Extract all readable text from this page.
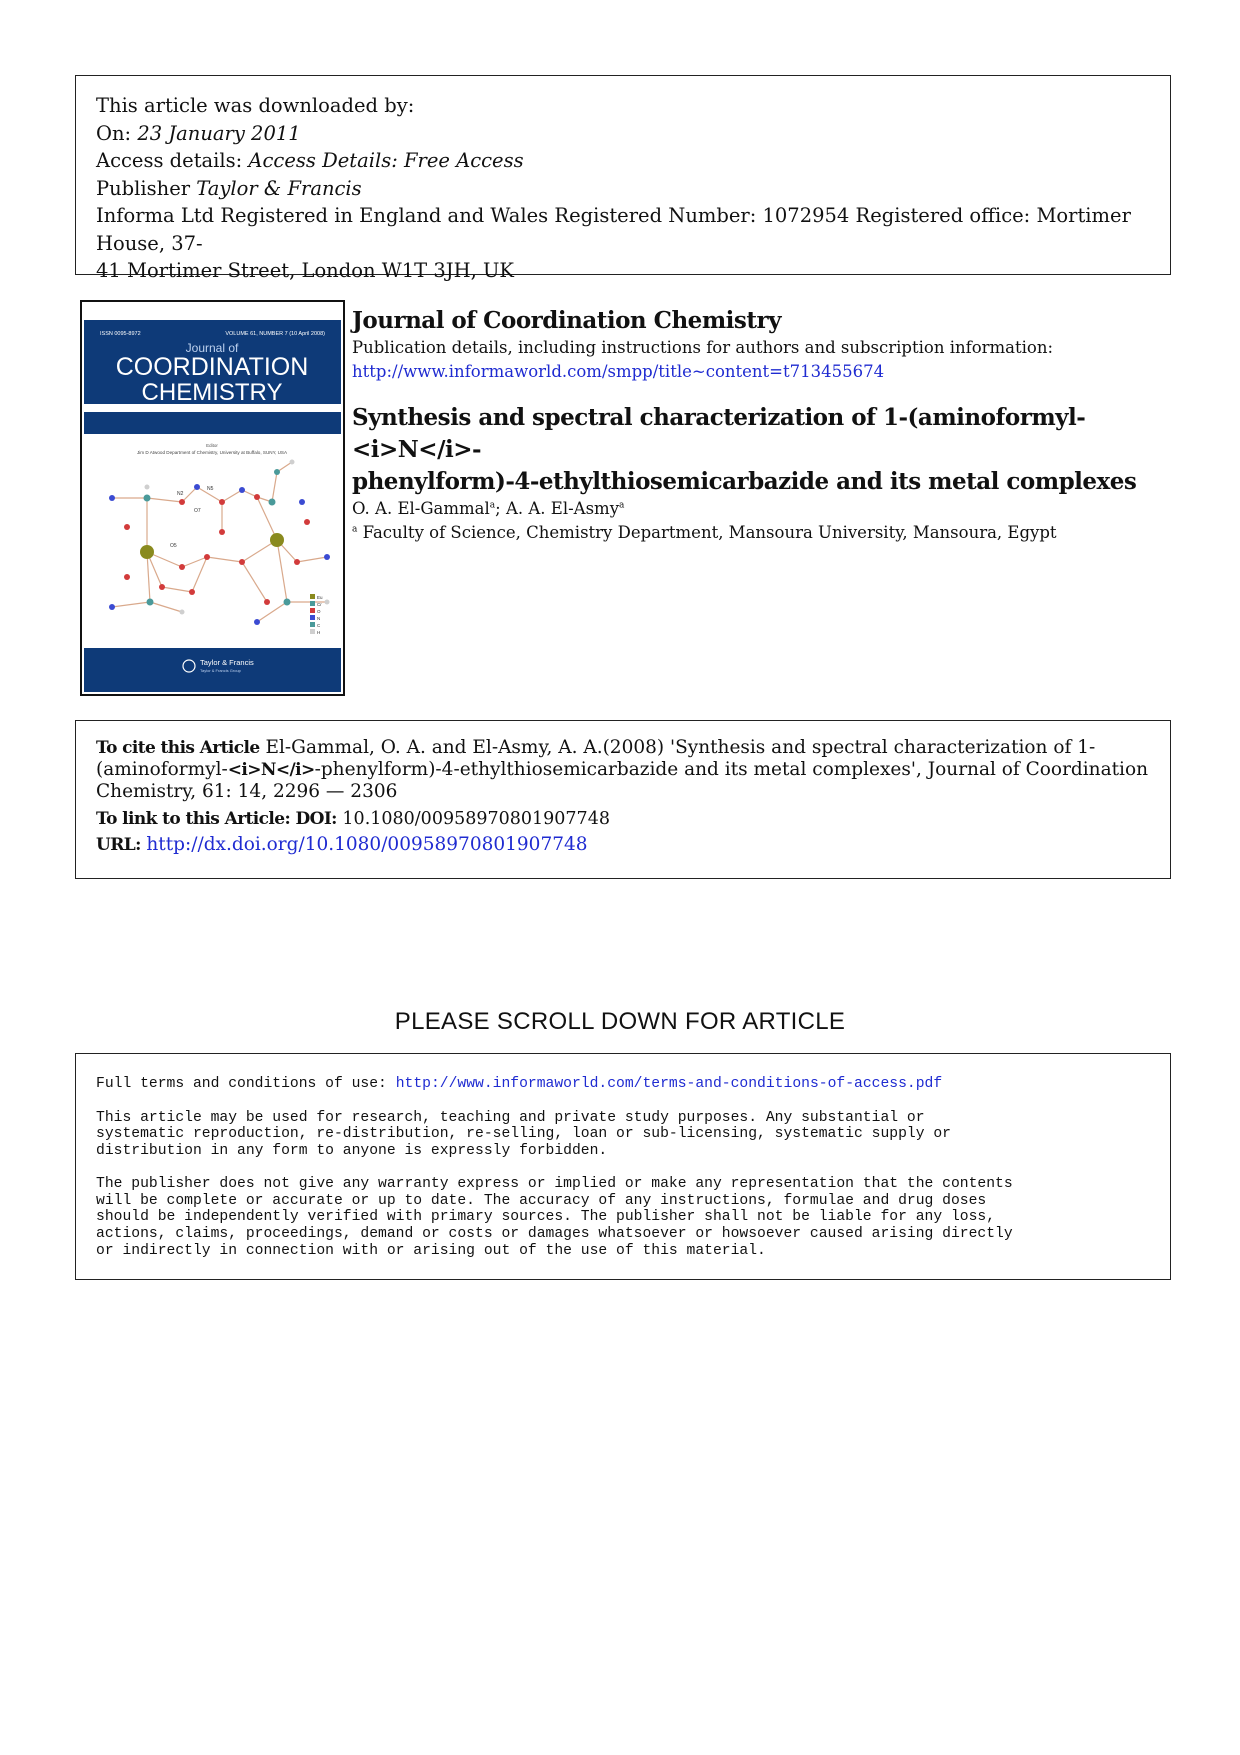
This article was downloaded by:
On: 23 January 2011
Access details: Access Details: Free Access
Publisher Taylor & Francis
Informa Ltd Registered in England and Wales Registered Number: 1072954 Registered office: Mortimer House, 37-
41 Mortimer Street, London W1T 3JH, UK
ISSN 0095-8972	VOLUME 61, NUMBER 7 (10 April 2008)
Journal of
COORDINATION
CHEMISTRY
Editor
Jim D Atwood Department of Chemistry, University at Buffalo, SUNY, USA
N2
N5
O7
O5
Eu
Cr
O
N
C
H
Taylor & Francis
Taylor & Francis Group
Journal of Coordination Chemistry
Publication details, including instructions for authors and subscription information:
http://www.informaworld.com/smpp/title~content=t713455674
Synthesis and spectral characterization of 1-(aminoformyl-<i>N</i>-
phenylform)-4-ethylthiosemicarbazide and its metal complexes
O. A. El-Gammal$^a$; A. A. El-Asmy$^a$
$^a$ Faculty of Science, Chemistry Department, Mansoura University, Mansoura, Egypt
To cite this Article El-Gammal, O. A. and El-Asmy, A. A.(2008) 'Synthesis and spectral characterization of 1-
(aminoformyl-<i>N</i>-phenylform)-4-ethylthiosemicarbazide and its metal complexes', Journal of Coordination
Chemistry, 61: 14, 2296 — 2306
To link to this Article: DOI: 10.1080/00958970801907748
URL: http://dx.doi.org/10.1080/00958970801907748
PLEASE SCROLL DOWN FOR ARTICLE

Full terms and conditions of use: http://www.informaworld.com/terms-and-conditions-of-access.pdf

This article may be used for research, teaching and private study purposes. Any substantial or
systematic reproduction, re-distribution, re-selling, loan or sub-licensing, systematic supply or
distribution in any form to anyone is expressly forbidden.

The publisher does not give any warranty express or implied or make any representation that the contents
will be complete or accurate or up to date. The accuracy of any instructions, formulae and drug doses
should be independently verified with primary sources. The publisher shall not be liable for any loss,
actions, claims, proceedings, demand or costs or damages whatsoever or howsoever caused arising directly
or indirectly in connection with or arising out of the use of this material.
